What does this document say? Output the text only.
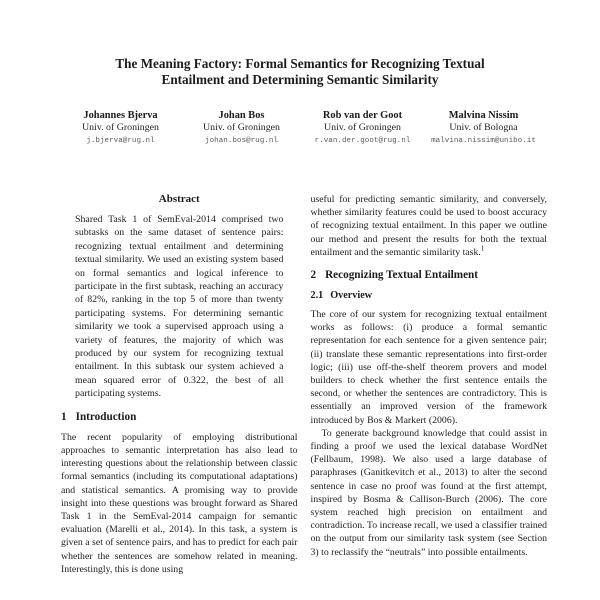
The Meaning Factory: Formal Semantics for Recognizing Textual
Entailment and Determining Semantic Similarity
Johannes Bjerva
Univ. of Groningen
j.bjerva@rug.nl
Johan Bos
Univ. of Groningen
johan.bos@rug.nl
Rob van der Goot
Univ. of Groningen
r.van.der.goot@rug.nl
Malvina Nissim
Univ. of Bologna
malvina.nissim@unibo.it
Abstract
Shared Task 1 of SemEval-2014 comprised two subtasks on the same dataset of sentence pairs: recognizing textual entailment and determining textual similarity. We used an existing system based on formal semantics and logical inference to participate in the first subtask, reaching an accuracy of 82%, ranking in the top 5 of more than twenty participating systems. For determining semantic similarity we took a supervised approach using a variety of features, the majority of which was produced by our system for recognizing textual entailment. In this subtask our system achieved a mean squared error of 0.322, the best of all participating systems.
1 Introduction

The recent popularity of employing distributional approaches to semantic interpretation has also lead to interesting questions about the relationship between classic formal semantics (including its computational adaptations) and statistical semantics. A promising way to provide insight into these questions was brought forward as Shared Task 1 in the SemEval-2014 campaign for semantic evaluation (Marelli et al., 2014). In this task, a system is given a set of sentence pairs, and has to predict for each pair whether the sentences are somehow related in meaning. Interestingly, this is done using

useful for predicting semantic similarity, and conversely, whether similarity features could be used to boost accuracy of recognizing textual entailment. In this paper we outline our method and present the results for both the textual entailment and the semantic similarity task.$^1$

2 Recognizing Textual Entailment
2.1 Overview

The core of our system for recognizing textual entailment works as follows: (i) produce a formal semantic representation for each sentence for a given sentence pair; (ii) translate these semantic representations into first-order logic; (iii) use off-the-shelf theorem provers and model builders to check whether the first sentence entails the second, or whether the sentences are contradictory. This is essentially an improved version of the framework introduced by Bos & Markert (2006).

To generate background knowledge that could assist in finding a proof we used the lexical database WordNet (Fellbaum, 1998). We also used a large database of paraphrases (Ganitkevitch et al., 2013) to alter the second sentence in case no proof was found at the first attempt, inspired by Bosma & Callison-Burch (2006). The core system reached high precision on entailment and contradiction. To increase recall, we used a classifier trained on the output from our similarity task system (see Section 3) to reclassify the “neutrals” into possible entailments.
